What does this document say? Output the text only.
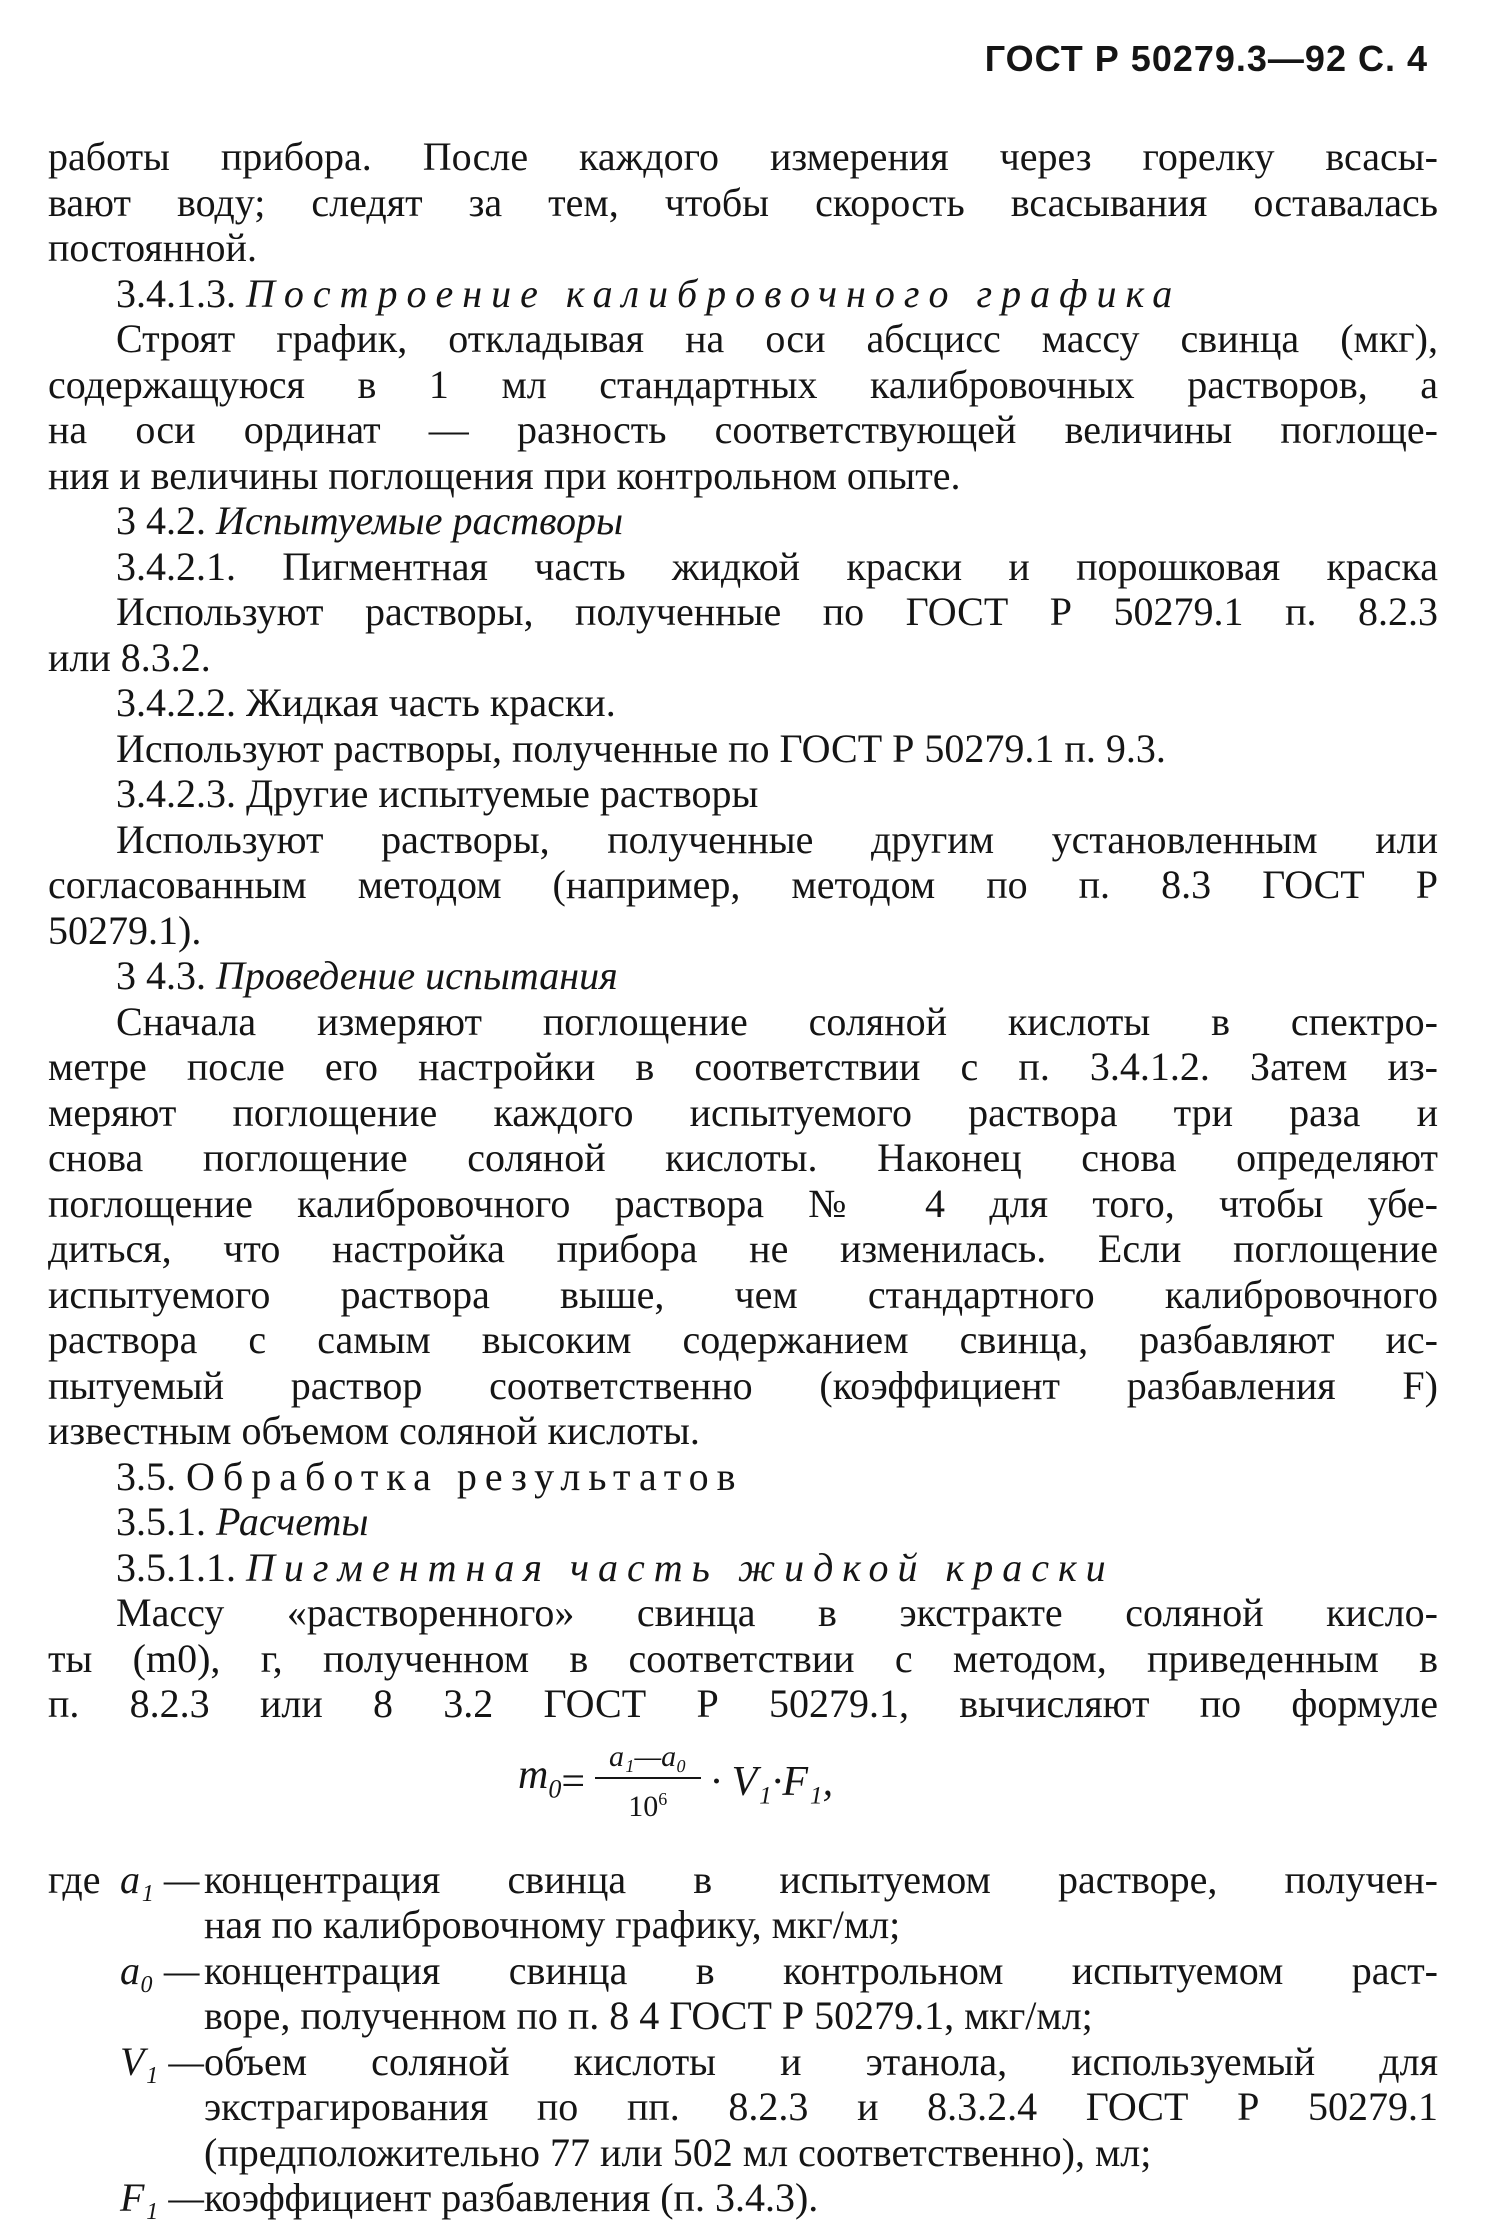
ГОСТ Р 50279.3—92 С. 4
работы прибора. После каждого измерения через горелку всасы-
вают воду; следят за тем, чтобы скорость всасывания оставалась
постоянной.
3.4.1.3. Построение калибровочного графика
Строят график, откладывая на оси абсцисс массу свинца (мкг),
содержащуюся в 1 мл стандартных калибровочных растворов, а
на оси ординат — разность соответствующей величины поглоще-
ния и величины поглощения при контрольном опыте.
3 4.2. Испытуемые растворы
3.4.2.1. Пигментная часть жидкой краски и порошковая краска
Используют растворы, полученные по ГОСТ Р 50279.1 п. 8.2.3
или 8.3.2.
3.4.2.2. Жидкая часть краски.
Используют растворы, полученные по ГОСТ Р 50279.1 п. 9.3.
3.4.2.3. Другие испытуемые растворы
Используют растворы, полученные другим установленным или
согласованным методом (например, методом по п. 8.3 ГОСТ Р
50279.1).
3 4.3. Проведение испытания
Сначала измеряют поглощение соляной кислоты в спектро-
метре после его настройки в соответствии с п. 3.4.1.2. Затем из-
меряют поглощение каждого испытуемого раствора три раза и
снова поглощение соляной кислоты. Наконец снова определяют
поглощение калибровочного раствора № 4 для того, чтобы убе-
диться, что настройка прибора не изменилась. Если поглощение
испытуемого раствора выше, чем стандартного калибровочного
раствора с самым высоким содержанием свинца, разбавляют ис-
пытуемый раствор соответственно (коэффициент разбавления F)
известным объемом соляной кислоты.
3.5. Обработка результатов
3.5.1. Расчеты
3.5.1.1. Пигментная часть жидкой краски
Массу «растворенного» свинца в экстракте соляной кисло-
ты (m0), г, полученном в соответствии с методом, приведенным в
п. 8.2.3 или 8 3.2 ГОСТ Р 50279.1, вычисляют по формуле
$m_0 = \frac{\text{a₁—a₀}}{10^6} \cdot V_1\cdot F_1$,
где a₁ — концентрация свинца в испытуемом растворе, получен-
ная по калибровочному графику, мкг/мл;
a₀ — концентрация свинца в контрольном испытуемом раст-
воре, полученном по п. 8 4 ГОСТ Р 50279.1, мкг/мл;
V₁ — объем соляной кислоты и этанола, используемый для
экстрагирования по пп. 8.2.3 и 8.3.2.4 ГОСТ Р 50279.1
(предположительно 77 или 502 мл соответственно), мл;
F₁ — коэффициент разбавления (п. 3.4.3).
